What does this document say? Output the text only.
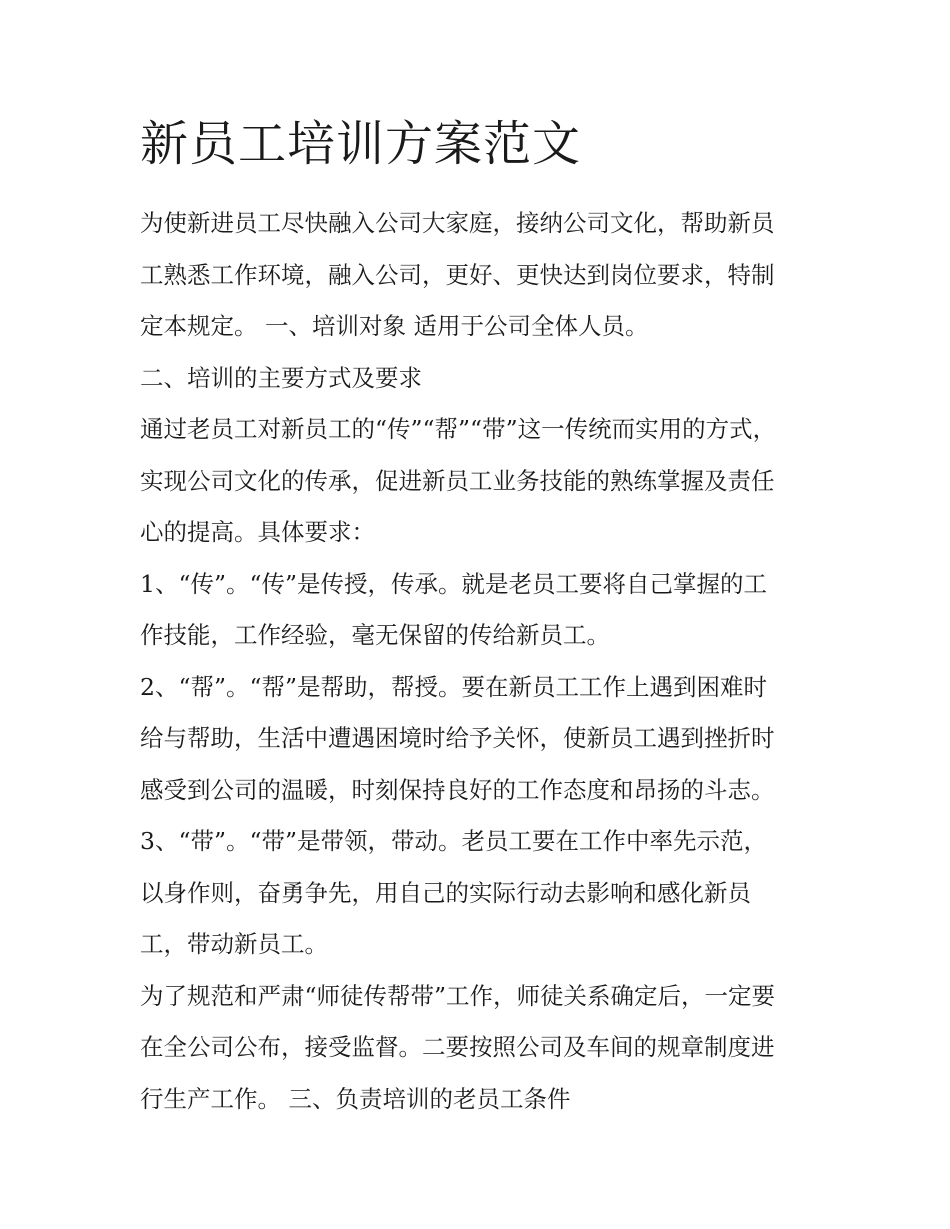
新员工培训方案范文

为使新进员工尽快融入公司大家庭，接纳公司文化，帮助新员
工熟悉工作环境，融入公司，更好、更快达到岗位要求，特制
定本规定。 一、培训对象 适用于公司全体人员。

二、培训的主要方式及要求

通过老员工对新员工的“传”“帮”“带”这一传统而实用的方式，
实现公司文化的传承，促进新员工业务技能的熟练掌握及责任
心的提高。具体要求：

1、“传”。“传”是传授，传承。就是老员工要将自己掌握的工
作技能，工作经验，毫无保留的传给新员工。

2、“帮”。“帮”是帮助，帮授。要在新员工工作上遇到困难时
给与帮助，生活中遭遇困境时给予关怀，使新员工遇到挫折时
感受到公司的温暖，时刻保持良好的工作态度和昂扬的斗志。

3、“带”。“带”是带领，带动。老员工要在工作中率先示范，
以身作则，奋勇争先，用自己的实际行动去影响和感化新员
工，带动新员工。

为了规范和严肃“师徒传帮带”工作，师徒关系确定后，一定要
在全公司公布，接受监督。二要按照公司及车间的规章制度进
行生产工作。 三、负责培训的老员工条件
